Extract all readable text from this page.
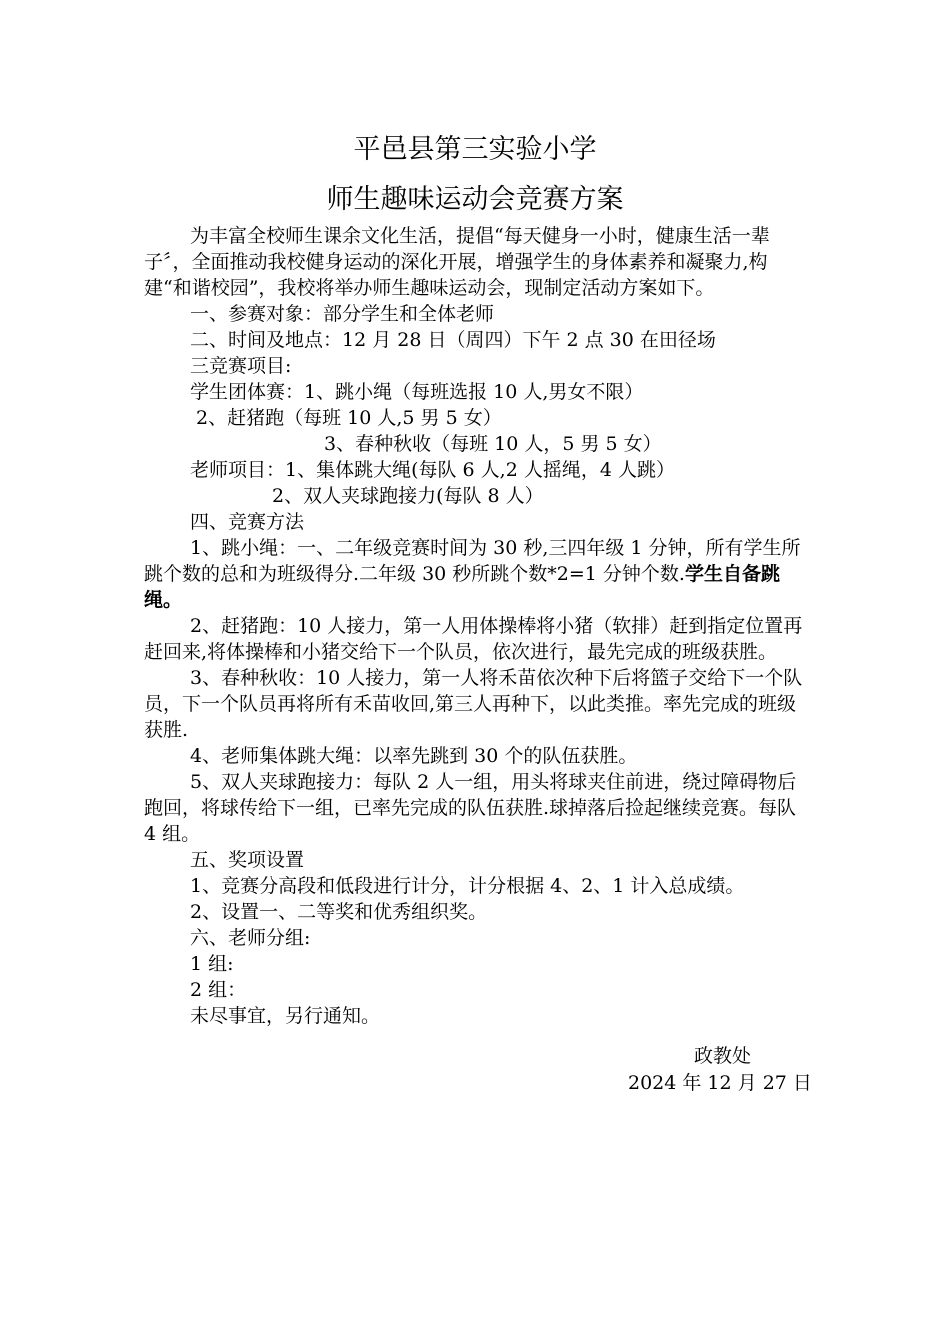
平邑县第三实验小学
师生趣味运动会竞赛方案

为丰富全校师生课余文化生活，提倡“每天健身一小时，健康生活一辈子〞，全面推动我校健身运动的深化开展，增强学生的身体素养和凝聚力,构建“和谐校园”，我校将举办师生趣味运动会，现制定活动方案如下。

一、参赛对象：部分学生和全体老师

二、时间及地点：12 月 28 日（周四）下午 2 点 30 在田径场

三竞赛项目:

学生团体赛：1、跳小绳（每班选报 10 人,男女不限）

2、赶猪跑（每班 10 人,5 男 5 女）

3、春种秋收（每班 10 人，5 男 5 女）

老师项目：1、集体跳大绳(每队 6 人,2 人摇绳，4 人跳）

2、双人夹球跑接力(每队 8 人）

四、竞赛方法

1、跳小绳：一、二年级竞赛时间为 30 秒,三四年级 1 分钟，所有学生所跳个数的总和为班级得分.二年级 30 秒所跳个数*2=1 分钟个数.学生自备跳绳。

2、赶猪跑：10 人接力，第一人用体操棒将小猪（软排）赶到指定位置再赶回来,将体操棒和小猪交给下一个队员，依次进行，最先完成的班级获胜。

3、春种秋收：10 人接力，第一人将禾苗依次种下后将篮子交给下一个队员，下一个队员再将所有禾苗收回,第三人再种下，以此类推。率先完成的班级获胜.

4、老师集体跳大绳：以率先跳到 30 个的队伍获胜。

5、双人夹球跑接力：每队 2 人一组，用头将球夹住前进，绕过障碍物后跑回，将球传给下一组，已率先完成的队伍获胜.球掉落后捡起继续竞赛。每队 4 组。

五、奖项设置

1、竞赛分高段和低段进行计分，计分根据 4、2、1 计入总成绩。

2、设置一、二等奖和优秀组织奖。

六、老师分组:

1 组:

2 组：

未尽事宜，另行通知。

政教处

2024 年 12 月 27 日
